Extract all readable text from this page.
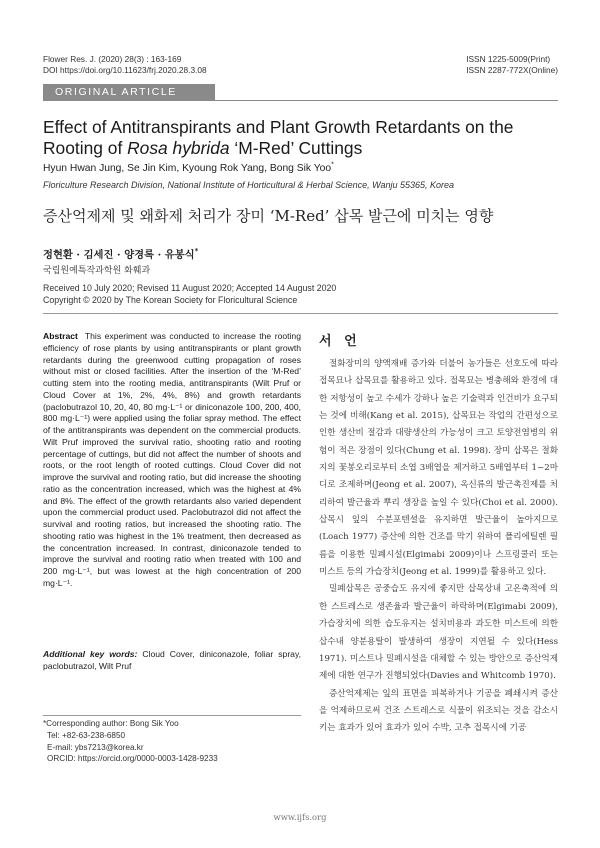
Flower Res. J. (2020) 28(3) : 163-169
DOI https://doi.org/10.11623/frj.2020.28.3.08
ISSN 1225-5009(Print)
ISSN 2287-772X(Online)
ORIGINAL ARTICLE
Effect of Antitranspirants and Plant Growth Retardants on the Rooting of Rosa hybrida ‘M-Red’ Cuttings
Hyun Hwan Jung, Se Jin Kim, Kyoung Rok Yang, Bong Sik Yoo*
Floriculture Research Division, National Institute of Horticultural & Herbal Science, Wanju 55365, Korea
증산억제제 및 왜화제 처리가 장미 ‘M-Red’ 삽목 발근에 미치는 영향
정현환 · 김세진 · 양경록 · 유봉식*
국립원예특작과학원 화훼과
Received 10 July 2020; Revised 11 August 2020; Accepted 14 August 2020
Copyright © 2020 by The Korean Society for Floricultural Science
Abstract This experiment was conducted to increase the rooting efficiency of rose plants by using antitranspirants or plant growth retardants during the greenwood cutting propagation of roses without mist or closed facilities. After the insertion of the ‘M-Red’ cutting stem into the rooting media, antitranspirants (Wilt Pruf or Cloud Cover at 1%, 2%, 4%, 8%) and growth retardants (paclobutrazol 10, 20, 40, 80 mg·L⁻¹ or diniconazole 100, 200, 400, 800 mg·L⁻¹) were applied using the foliar spray method. The effect of the antitranspirants was dependent on the commercial products. Wilt Pruf improved the survival ratio, shooting ratio and rooting percentage of cuttings, but did not affect the number of shoots and roots, or the root length of rooted cuttings. Cloud Cover did not improve the survival and rooting ratio, but did increase the shooting ratio as the concentration increased, which was the highest at 4% and 8%. The effect of the growth retardants also varied dependent upon the commercial product used. Paclobutrazol did not affect the survival and rooting ratios, but increased the shooting ratio. The shooting ratio was highest in the 1% treatment, then decreased as the concentration increased. In contrast, diniconazole tended to improve the survival and rooting ratio when treated with 100 and 200 mg·L⁻¹, but was lowest at the high concentration of 200 mg·L⁻¹.
Additional key words: Cloud Cover, diniconazole, foliar spray, paclobutrazol, Wilt Pruf
*Corresponding author: Bong Sik Yoo
Tel: +82-63-238-6850
E-mail: ybs7213@korea.kr
ORCID: https://orcid.org/0000-0003-1428-9233
서 언

절화장미의 양액재배 증가와 더불어 농가들은 선호도에 따라 접목묘나 삽목묘를 활용하고 있다. 접목묘는 병충해와 환경에 대한 저항성이 높고 수세가 강하나 높은 기술력과 인건비가 요구되는 것에 비해(Kang et al. 2015), 삽목묘는 작업의 간편성으로 인한 생산비 절감과 대량생산의 가능성이 크고 토양전염병의 위험이 적은 장점이 있다(Chung et al. 1998). 장미 삽목은 절화지의 꽃봉오리로부터 소엽 3배엽을 제거하고 5배엽부터 1~2마디로 조제하며(Jeong et al. 2007), 옥신류의 발근촉진제를 처리하여 발근율과 뿌리 생장을 높일 수 있다(Choi et al. 2000). 삽목시 잎의 수분포텐셜을 유지하면 발근율이 높아지므로(Loach 1977) 증산에 의한 건조를 막기 위하여 폴리에틸렌 필름을 이용한 밀폐시설(Elgimabi 2009)이나 스프링쿨러 또는 미스트 등의 가습장치(Jeong et al. 1999)를 활용하고 있다.

밀폐삽목은 공중습도 유지에 좋지만 삽목상내 고온축적에 의한 스트레스로 생존율과 발근율이 하락하며(Elgimabi 2009), 가습장치에 의한 습도유지는 설치비용과 과도한 미스트에 의한 삽수내 양분용탈이 발생하여 생장이 지연될 수 있다(Hess 1971). 미스트나 밀폐시설을 대체할 수 있는 방안으로 증산억제제에 대한 연구가 진행되었다(Davies and Whitcomb 1970).

증산억제제는 잎의 표면을 피복하거나 기공을 폐쇄시켜 증산을 억제하므로써 건조 스트레스로 식물이 위조되는 것을 감소시키는 효과가 있어 효과가 있어 수박, 고추 접목시에 기공

www.ijfs.org
